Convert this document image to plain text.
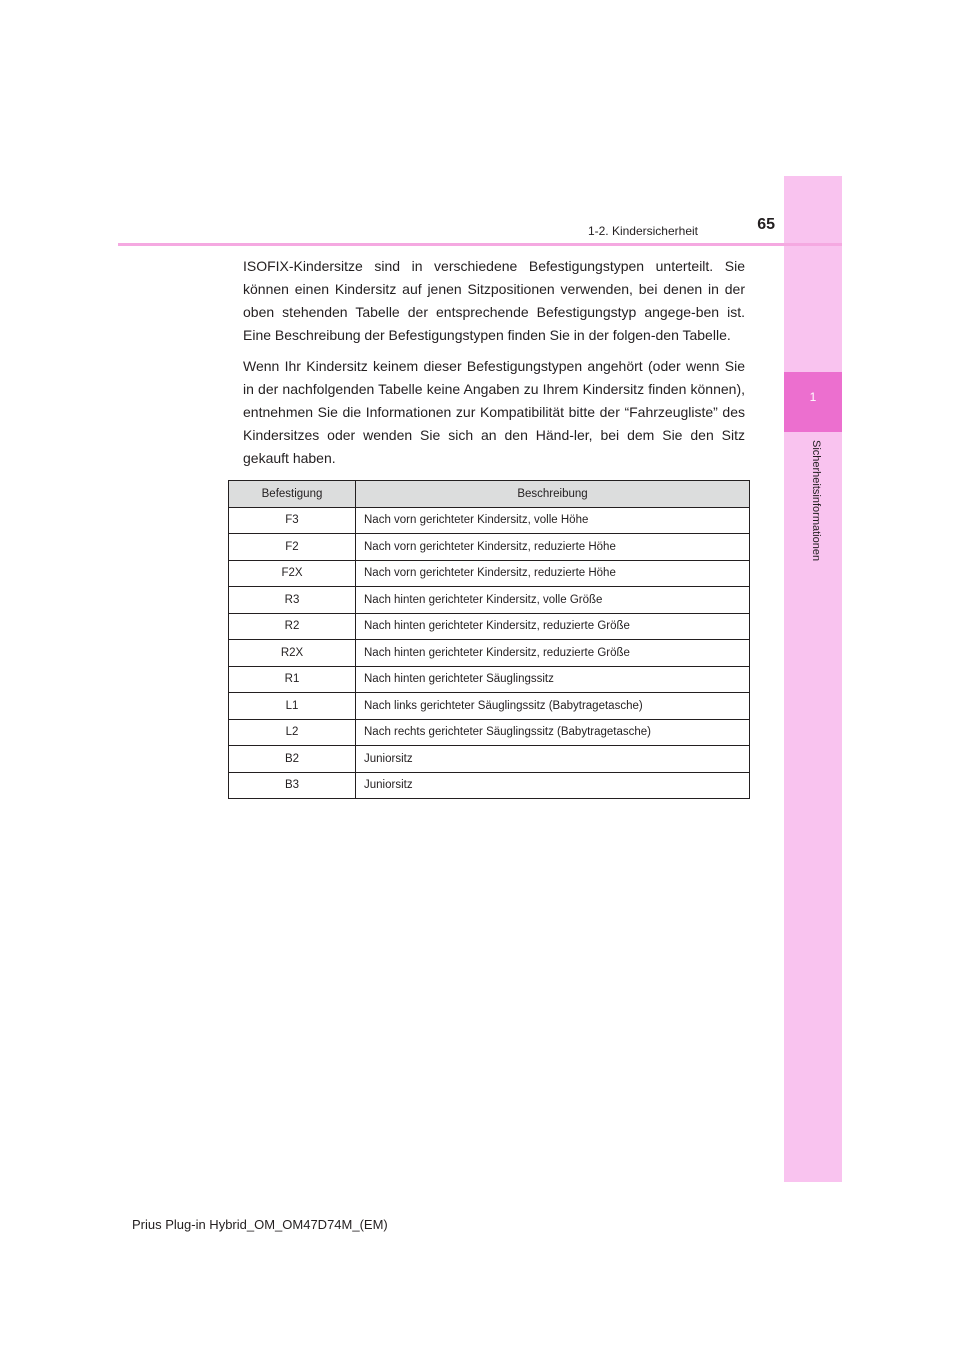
1
Sicherheitsinformationen
1-2. Kindersicherheit	65

ISOFIX-Kindersitze sind in verschiedene Befestigungstypen unterteilt. Sie können einen Kindersitz auf jenen Sitzpositionen verwenden, bei denen in der oben stehenden Tabelle der entsprechende Befestigungstyp angege-ben ist. Eine Beschreibung der Befestigungstypen finden Sie in der folgen-den Tabelle.

Wenn Ihr Kindersitz keinem dieser Befestigungstypen angehört (oder wenn Sie in der nachfolgenden Tabelle keine Angaben zu Ihrem Kindersitz finden können), entnehmen Sie die Informationen zur Kompatibilität bitte der “Fahrzeugliste” des Kindersitzes oder wenden Sie sich an den Händ-ler, bei dem Sie den Sitz gekauft haben.

Befestigung	Beschreibung
F3	Nach vorn gerichteter Kindersitz, volle Höhe
F2	Nach vorn gerichteter Kindersitz, reduzierte Höhe
F2X	Nach vorn gerichteter Kindersitz, reduzierte Höhe
R3	Nach hinten gerichteter Kindersitz, volle Größe
R2	Nach hinten gerichteter Kindersitz, reduzierte Größe
R2X	Nach hinten gerichteter Kindersitz, reduzierte Größe
R1	Nach hinten gerichteter Säuglingssitz
L1	Nach links gerichteter Säuglingssitz (Babytragetasche)
L2	Nach rechts gerichteter Säuglingssitz (Babytragetasche)
B2	Juniorsitz
B3	Juniorsitz
Prius Plug-in Hybrid_OM_OM47D74M_(EM)
